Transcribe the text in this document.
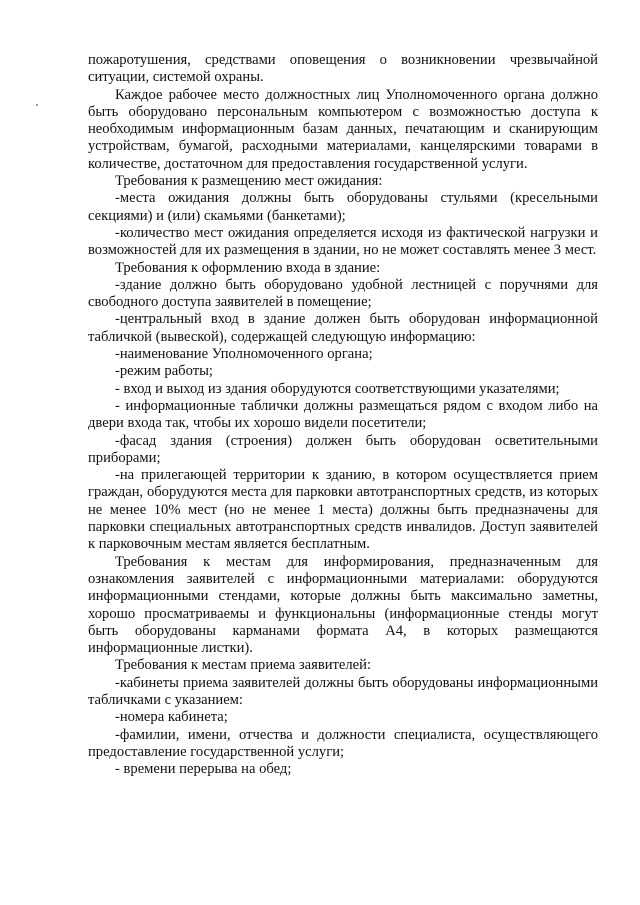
пожаротушения, средствами оповещения о возникновении чрезвычайной ситуации, системой охраны.

Каждое рабочее место должностных лиц Уполномоченного органа должно быть оборудовано персональным компьютером с возможностью доступа к необходимым информационным базам данных, печатающим и сканирующим устройствам, бумагой, расходными материалами, канцелярскими товарами в количестве, достаточном для предоставления государственной услуги.

Требования к размещению мест ожидания:

-места ожидания должны быть оборудованы стульями (кресельными секциями) и (или) скамьями (банкетами);

-количество мест ожидания определяется исходя из фактической нагрузки и возможностей для их размещения в здании, но не может составлять менее 3 мест.

Требования к оформлению входа в здание:

-здание должно быть оборудовано удобной лестницей с поручнями для свободного доступа заявителей в помещение;

-центральный вход в здание должен быть оборудован информационной табличкой (вывеской), содержащей следующую информацию:

-наименование Уполномоченного органа;

-режим работы;

- вход и выход из здания оборудуются соответствующими указателями;

- информационные таблички должны размещаться рядом с входом либо на двери входа так, чтобы их хорошо видели посетители;

-фасад здания (строения) должен быть оборудован осветительными приборами;

-на прилегающей территории к зданию, в котором осуществляется прием граждан, оборудуются места для парковки автотранспортных средств, из которых не менее 10% мест (но не менее 1 места) должны быть предназначены для парковки специальных автотранспортных средств инвалидов. Доступ заявителей к парковочным местам является бесплатным.

Требования к местам для информирования, предназначенным для ознакомления заявителей с информационными материалами: оборудуются информационными стендами, которые должны быть максимально заметны, хорошо просматриваемы и функциональны (информационные стенды могут быть оборудованы карманами формата А4, в которых размещаются информационные листки).

Требования к местам приема заявителей:

-кабинеты приема заявителей должны быть оборудованы информационными табличками с указанием:

-номера кабинета;

-фамилии, имени, отчества и должности специалиста, осуществляющего предоставление государственной услуги;

- времени перерыва на обед;
